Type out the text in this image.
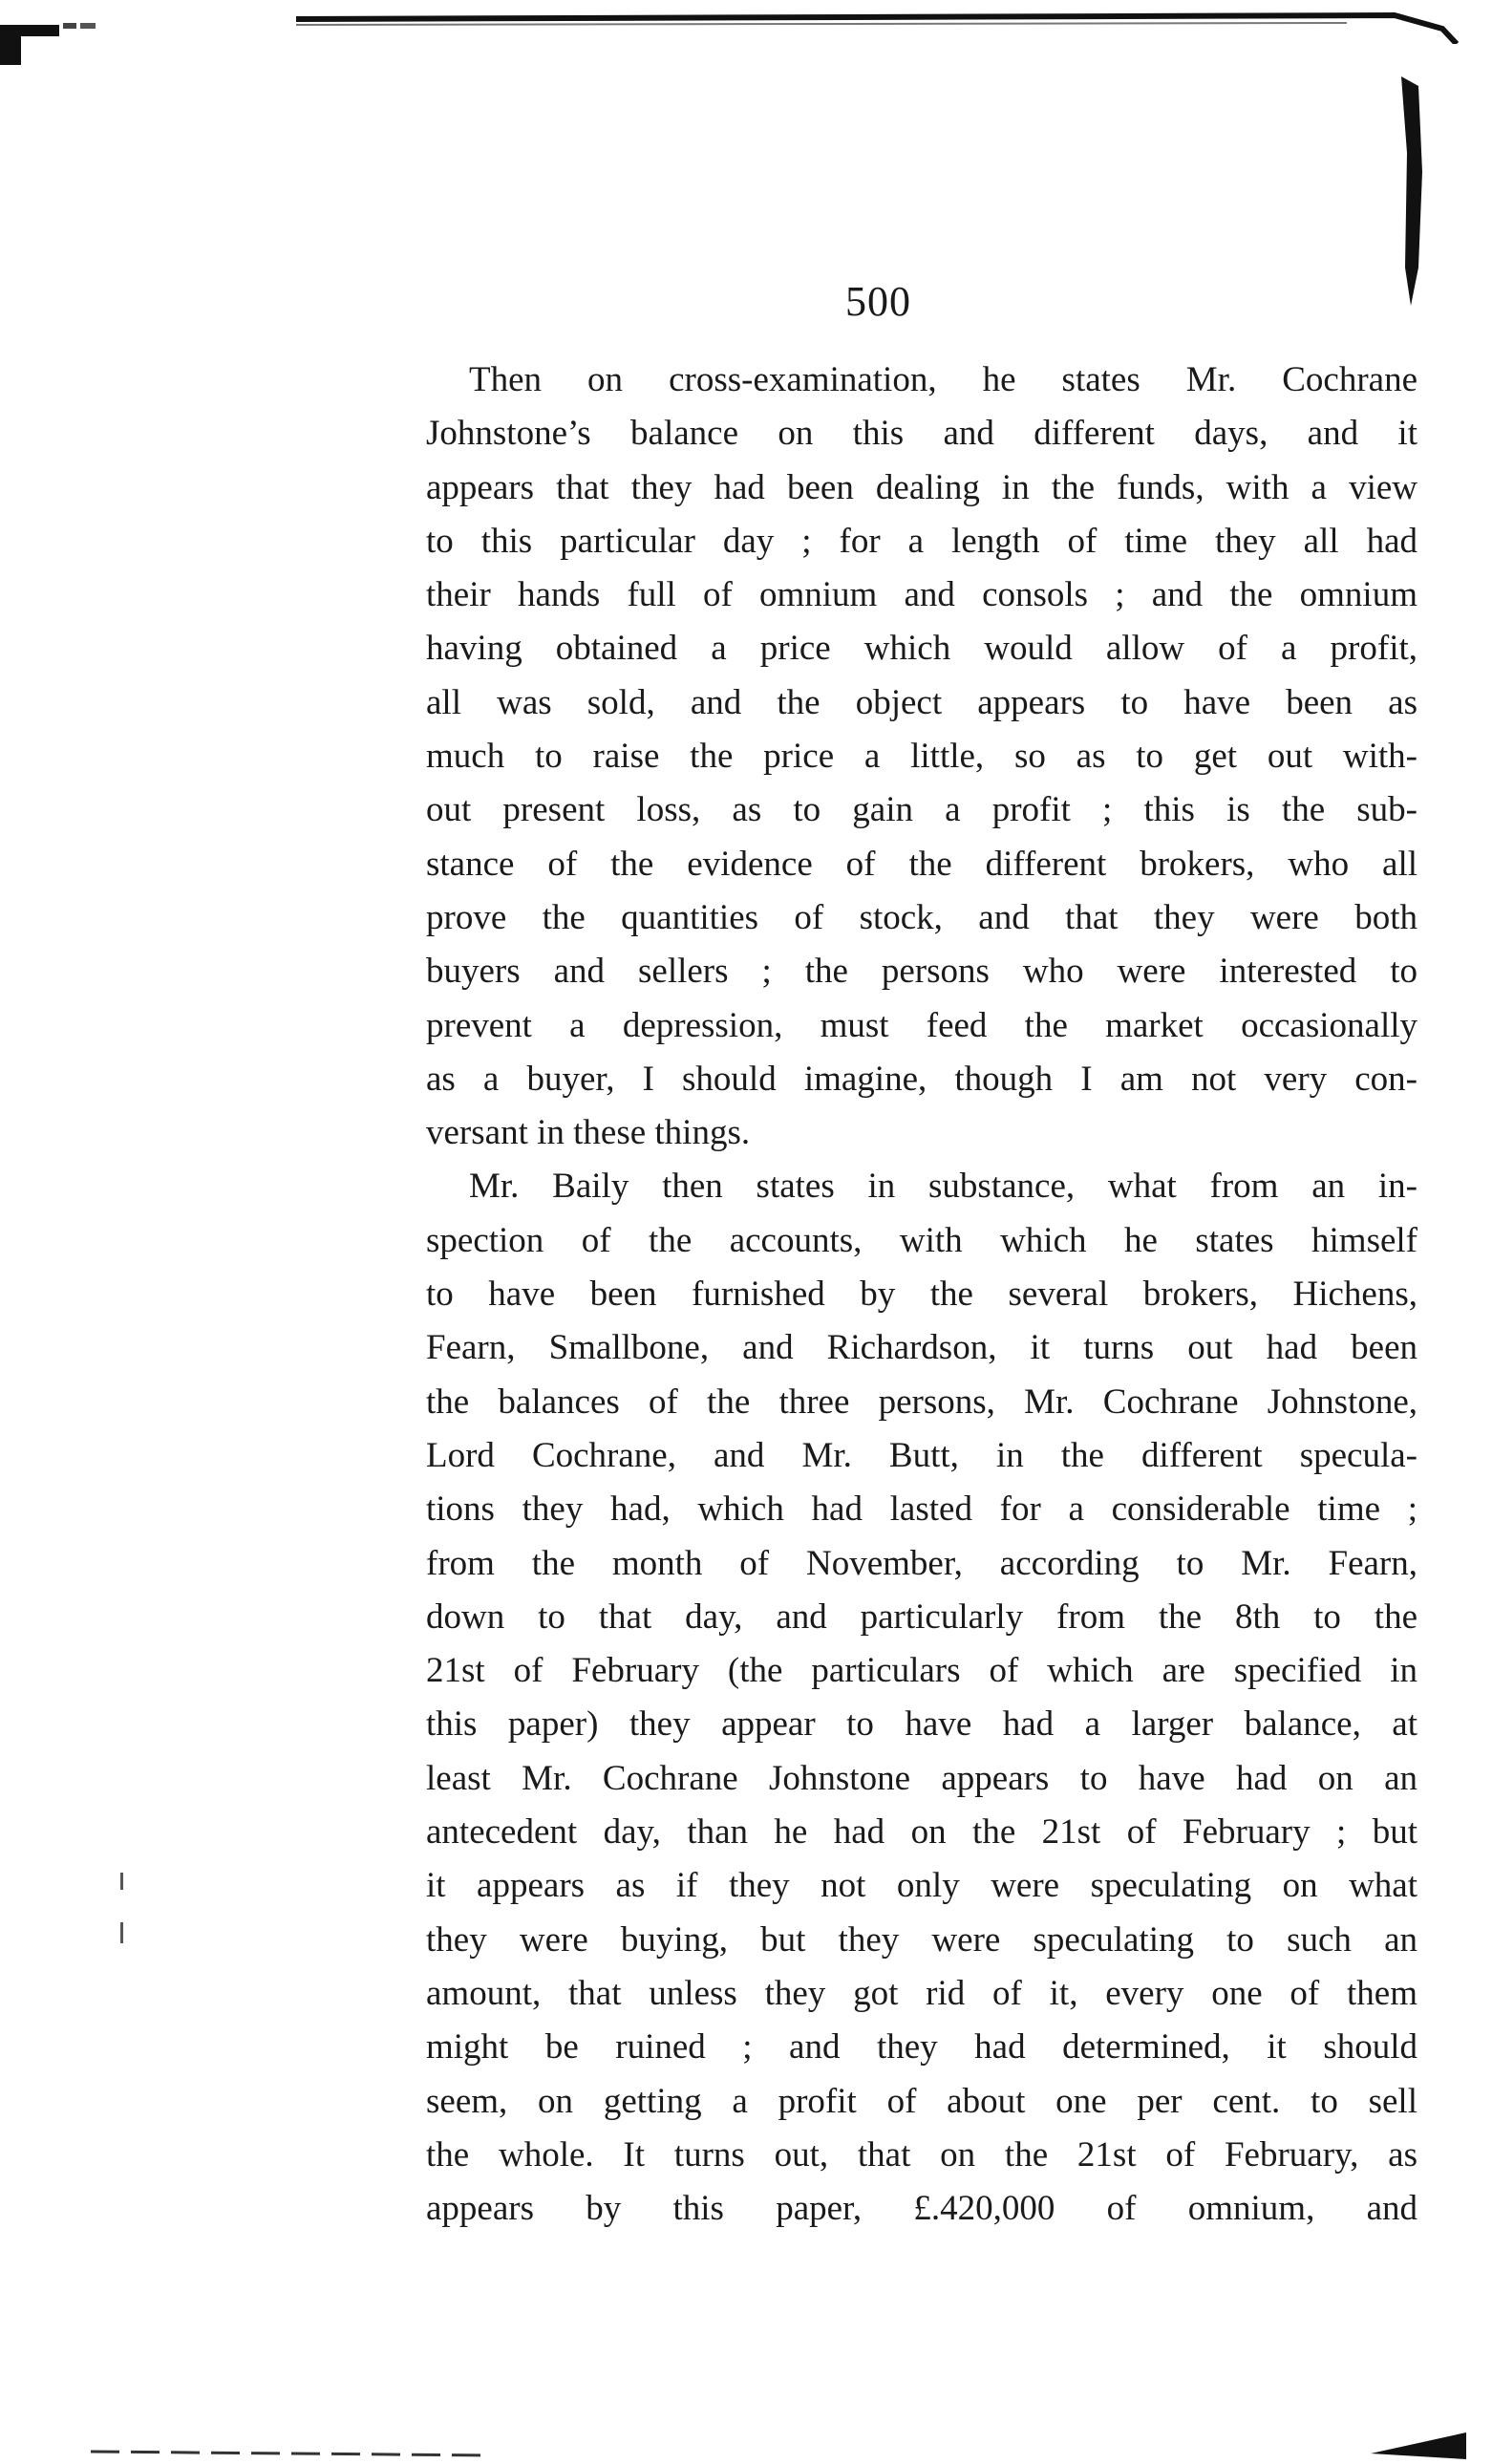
500
Then on cross-examination, he states Mr. Cochrane
Johnstone’s balance on this and different days, and it
appears that they had been dealing in the funds, with a view
to this particular day ; for a length of time they all had
their hands full of omnium and consols ; and the omnium
having obtained a price which would allow of a profit,
all was sold, and the object appears to have been as
much to raise the price a little, so as to get out with-
out present loss, as to gain a profit ; this is the sub-
stance of the evidence of the different brokers, who all
prove the quantities of stock, and that they were both
buyers and sellers ; the persons who were interested to
prevent a depression, must feed the market occasionally
as a buyer, I should imagine, though I am not very con-
versant in these things.
Mr. Baily then states in substance, what from an in-
spection of the accounts, with which he states himself
to have been furnished by the several brokers, Hichens,
Fearn, Smallbone, and Richardson, it turns out had been
the balances of the three persons, Mr. Cochrane Johnstone,
Lord Cochrane, and Mr. Butt, in the different specula-
tions they had, which had lasted for a considerable time ;
from the month of November, according to Mr. Fearn,
down to that day, and particularly from the 8th to the
21st of February (the particulars of which are specified in
this paper) they appear to have had a larger balance, at
least Mr. Cochrane Johnstone appears to have had on an
antecedent day, than he had on the 21st of February ; but
it appears as if they not only were speculating on what
they were buying, but they were speculating to such an
amount, that unless they got rid of it, every one of them
might be ruined ; and they had determined, it should
seem, on getting a profit of about one per cent. to sell
the whole. It turns out, that on the 21st of February, as
appears by this paper, £.420,000 of omnium, and
